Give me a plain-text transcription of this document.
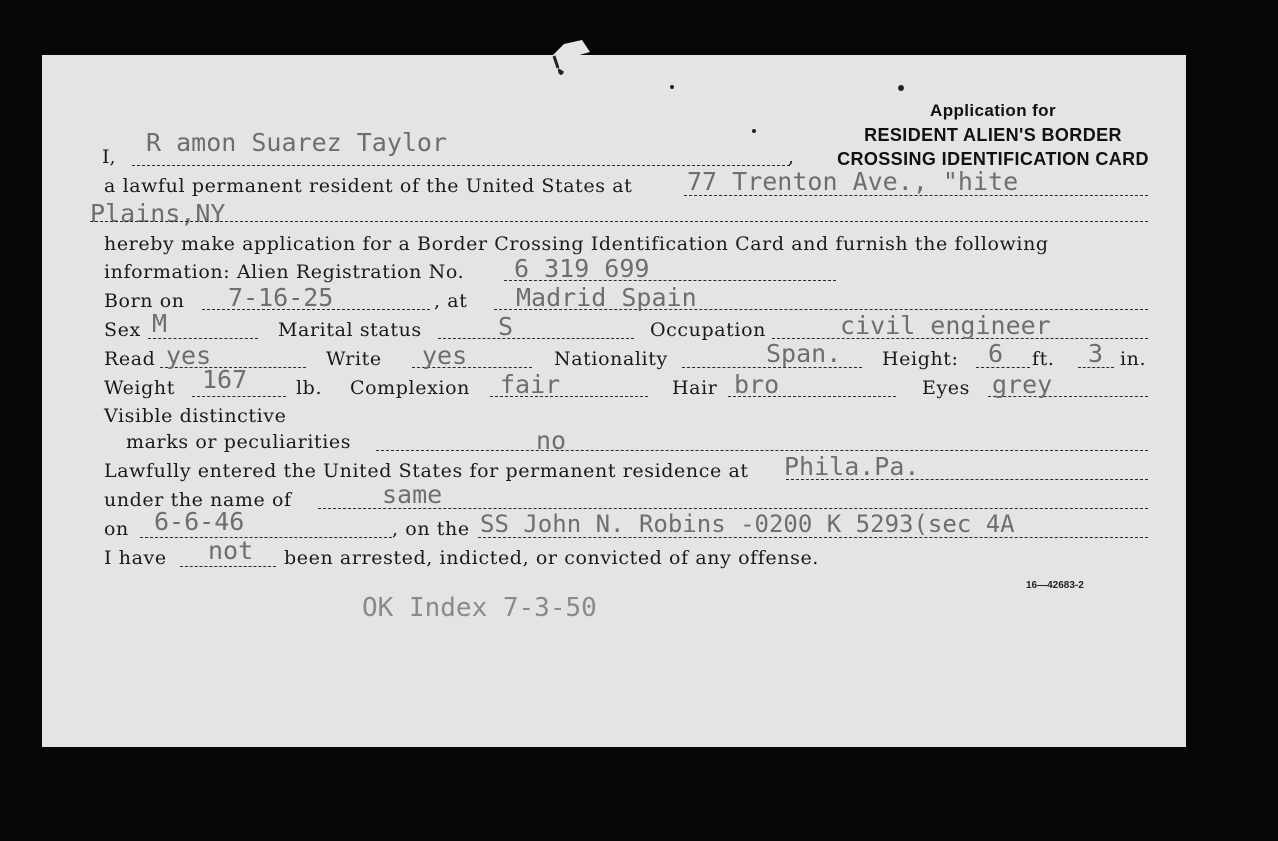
Application for
RESIDENT ALIEN'S BORDER
CROSSING IDENTIFICATION CARD
I, R amon Suarez Taylor	,
a lawful permanent resident of the United States at 77 Trenton Ave., "hite
Plains,NY
hereby make application for a Border Crossing Identification Card and furnish the following
information: Alien Registration No. 6 319 699
Born on 7-16-25	, at Madrid Spain
Sex M	Marital status	S	Occupation	civil engineer
Read yes	Write yes	Nationality	Span. Height: 6 ft. 3 in.
Weight 167	lb. Complexion fair	Hair bro	Eyes grey
Visible distinctive
marks or peculiarities	no
Lawfully entered the United States for permanent residence at Phila.Pa.
under the name of	same
on 6-6-46	, on the SS John N. Robins -0200 K 5293(sec 4A
I have not been arrested, indicted, or convicted of any offense.
16—42683-2
OK Index 7-3-50
